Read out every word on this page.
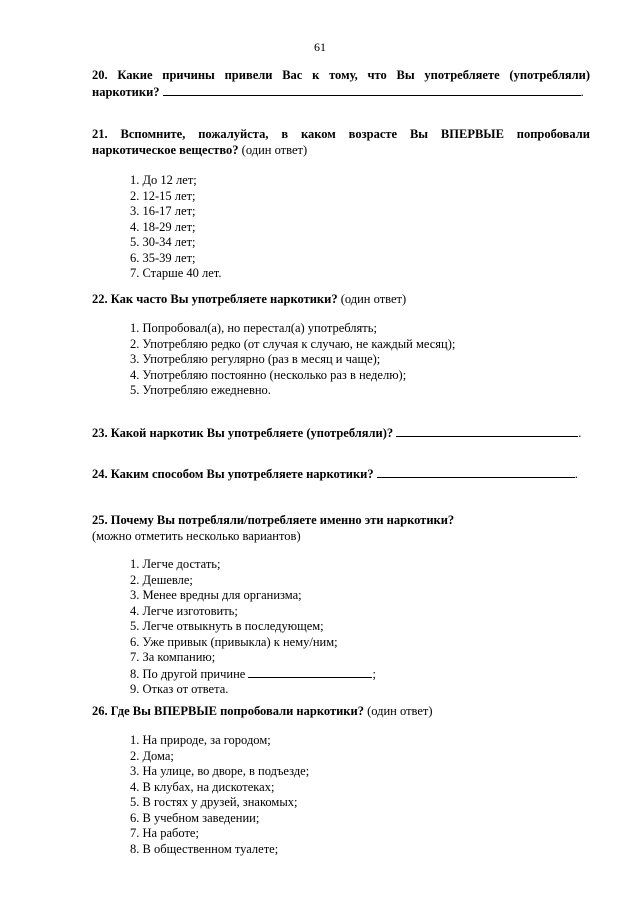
61
20. Какие причины привели Вас к тому, что Вы употребляете (употребляли)
наркотики?	.
21. Вспомните, пожалуйста, в каком возрасте Вы ВПЕРВЫЕ попробовали
наркотическое вещество? (один ответ)
1. До 12 лет;
2. 12-15 лет;
3. 16-17 лет;
4. 18-29 лет;
5. 30-34 лет;
6. 35-39 лет;
7. Старше 40 лет.
22. Как часто Вы употребляете наркотики? (один ответ)
1. Попробовал(а), но перестал(а) употреблять;
2. Употребляю редко (от случая к случаю, не каждый месяц);
3. Употребляю регулярно (раз в месяц и чаще);
4. Употребляю постоянно (несколько раз в неделю);
5. Употребляю ежедневно.
23. Какой наркотик Вы употребляете (употребляли)?	.
24. Каким способом Вы употребляете наркотики?	.
25. Почему Вы потребляли/потребляете именно эти наркотики?
(можно отметить несколько вариантов)
1. Легче достать;
2. Дешевле;
3. Менее вредны для организма;
4. Легче изготовить;
5. Легче отвыкнуть в последующем;
6. Уже привык (привыкла) к нему/ним;
7. За компанию;
8. По другой причине	;
9. Отказ от ответа.
26. Где Вы ВПЕРВЫЕ попробовали наркотики? (один ответ)
1. На природе, за городом;
2. Дома;
3. На улице, во дворе, в подъезде;
4. В клубах, на дискотеках;
5. В гостях у друзей, знакомых;
6. В учебном заведении;
7. На работе;
8. В общественном туалете;
